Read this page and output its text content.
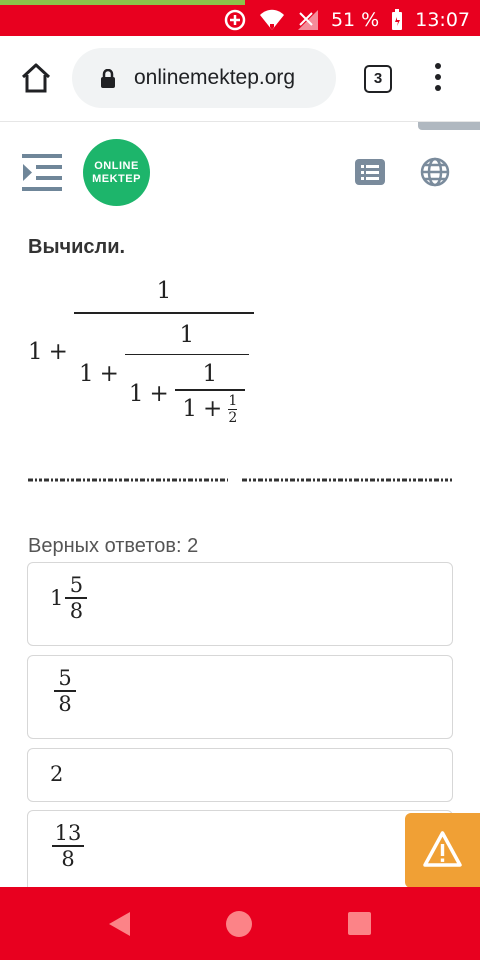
51 % 13:07
onlinemektep.org	3
ONLINE
MEKTEP
Вычисли.
1 +
1
1 +
1
1 +
1
$1 + \frac{1}{2}$
Верных ответов: 2
$1 \frac{5}{8}$
$\frac{5}{8}$
2
$\frac{13}{8}$
